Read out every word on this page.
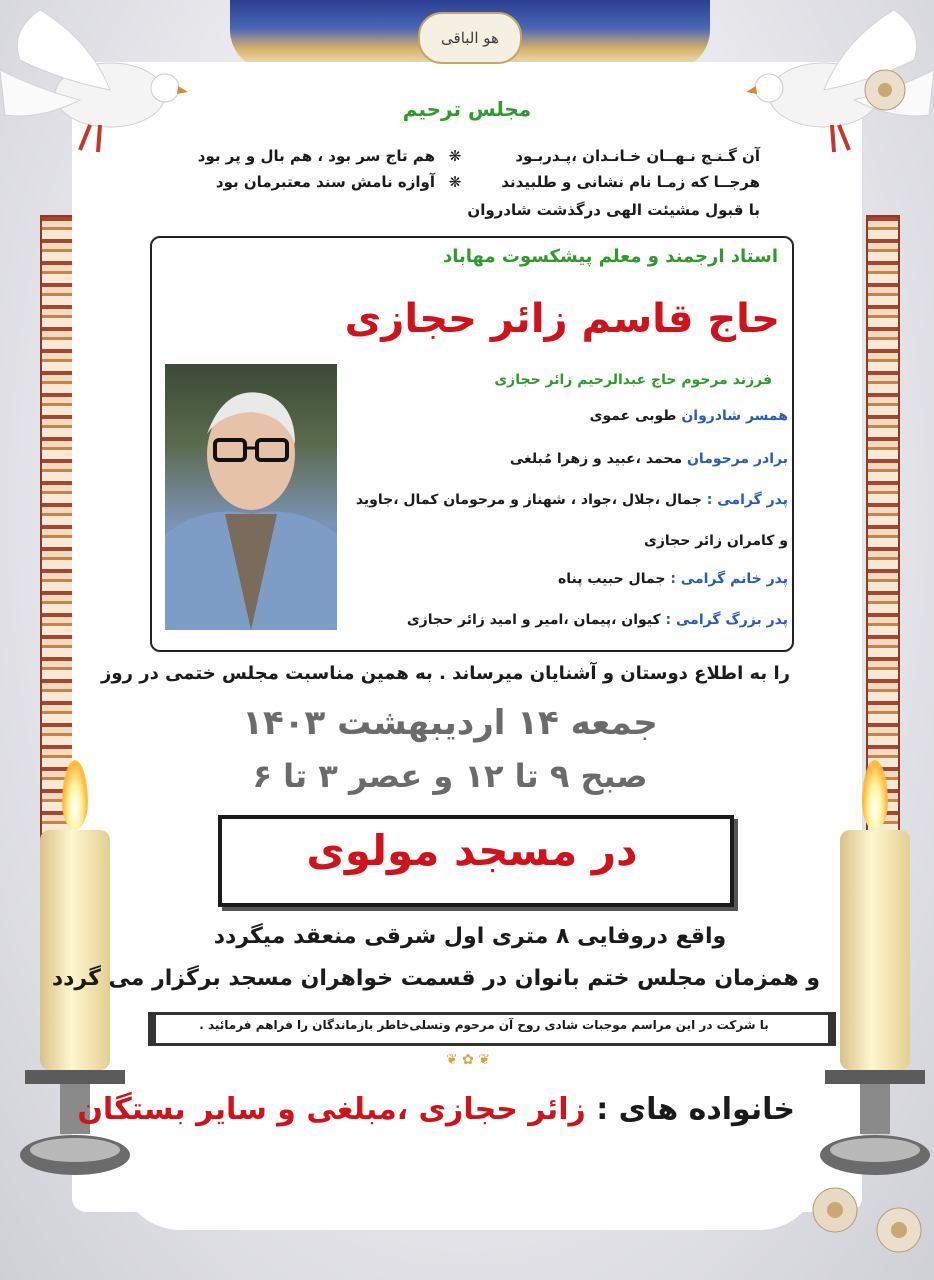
هو الباقی
مجلس ترحیم
آن گـنـج نـهــان خـانـدان ،پـدربـود
❋
هم تاج سر بود ، هم بال و پر بود
هرجــا كه زمـا نام نشانى و طلبيدند
❋
آوازه نامش سند معتبرمان بود
با قبول مشيئت الهى درگذشت شادروان
استاد ارجمند و معلم پیشکسوت مهاباد
حاج قاسم زائر حجازی
فرزند مرحوم حاج عبدالرحیم زائر حجازی
همسر شادروان طوبی عموی
برادر مرحومان محمد ،عبید و زهرا مُبلغی
پدر گرامی : جمال ،جلال ،جواد ، شهناز و مرحومان کمال ،جاوید
و کامران زائر حجازی
پدر خانم گرامی : جمال حبیب پناه
پدر بزرگ گرامی : کیوان ،پیمان ،امیر و امید زائر حجازی
را به اطلاع دوستان و آشنایان میرساند . به همین مناسبت مجلس ختمی در روز
جمعه ۱۴ اردیبهشت ۱۴۰۳
صبح ۹ تا ۱۲ و عصر ۳ تا ۶
در مسجد مولوی
واقع دروفایی ۸ متری اول شرقی منعقد میگردد
و همزمان مجلس ختم بانوان در قسمت خواهران مسجد برگزار می گردد
با شرکت در این مراسم موجبات شادی روح آن مرحوم وتسلی‌خاطر بازماندگان را فراهم فرمائید .
❦ ✿ ❦
خانواده های : زائر حجازی ،مبلغی و سایر بستگان
